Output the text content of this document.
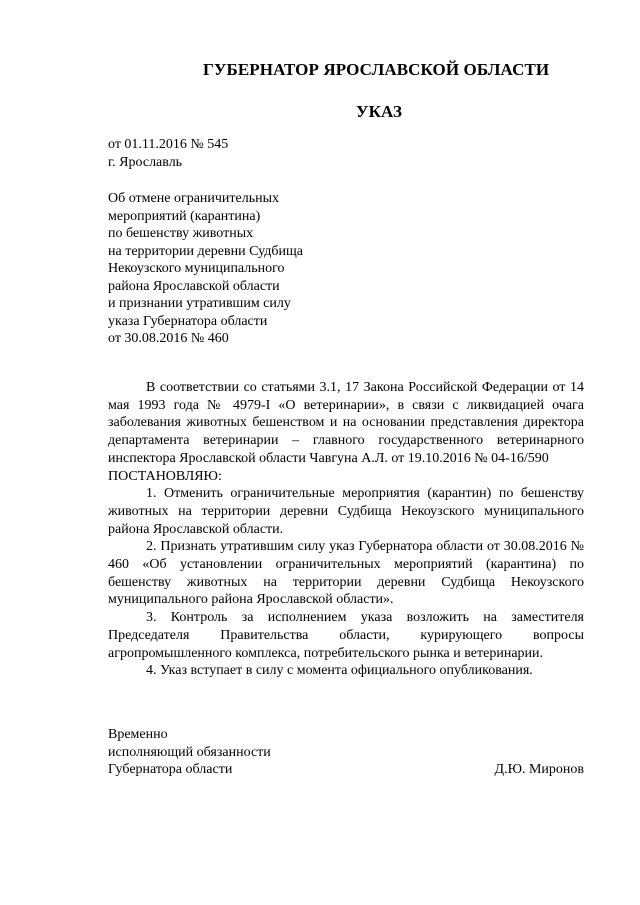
ГУБЕРНАТОР ЯРОСЛАВСКОЙ ОБЛАСТИ
УКАЗ
от 01.11.2016 № 545
г. Ярославль
Об отмене ограничительных
мероприятий (карантина)
по бешенству животных
на территории деревни Судбища
Некоузского муниципального
района Ярославской области
и признании утратившим силу
указа Губернатора области
от 30.08.2016 № 460

В соответствии со статьями 3.1, 17 Закона Российской Федерации от 14 мая 1993 года № 4979-I «О ветеринарии», в связи с ликвидацией очага заболевания животных бешенством и на основании представления директора департамента ветеринарии – главного государственного ветеринарного инспектора Ярославской области Чавгуна А.Л. от 19.10.2016 № 04-16/590

ПОСТАНОВЛЯЮ:

1. Отменить ограничительные мероприятия (карантин) по бешенству животных на территории деревни Судбища Некоузского муниципального района Ярославской области.

2. Признать утратившим силу указ Губернатора области от 30.08.2016 № 460 «Об установлении ограничительных мероприятий (карантина) по бешенству животных на территории деревни Судбища Некоузского муниципального района Ярославской области».

3. Контроль за исполнением указа возложить на заместителя Председателя Правительства области, курирующего вопросы агропромышленного комплекса, потребительского рынка и ветеринарии.

4. Указ вступает в силу с момента официального опубликования.

Временно
исполняющий обязанности
Губернатора области	Д.Ю. Миронов
